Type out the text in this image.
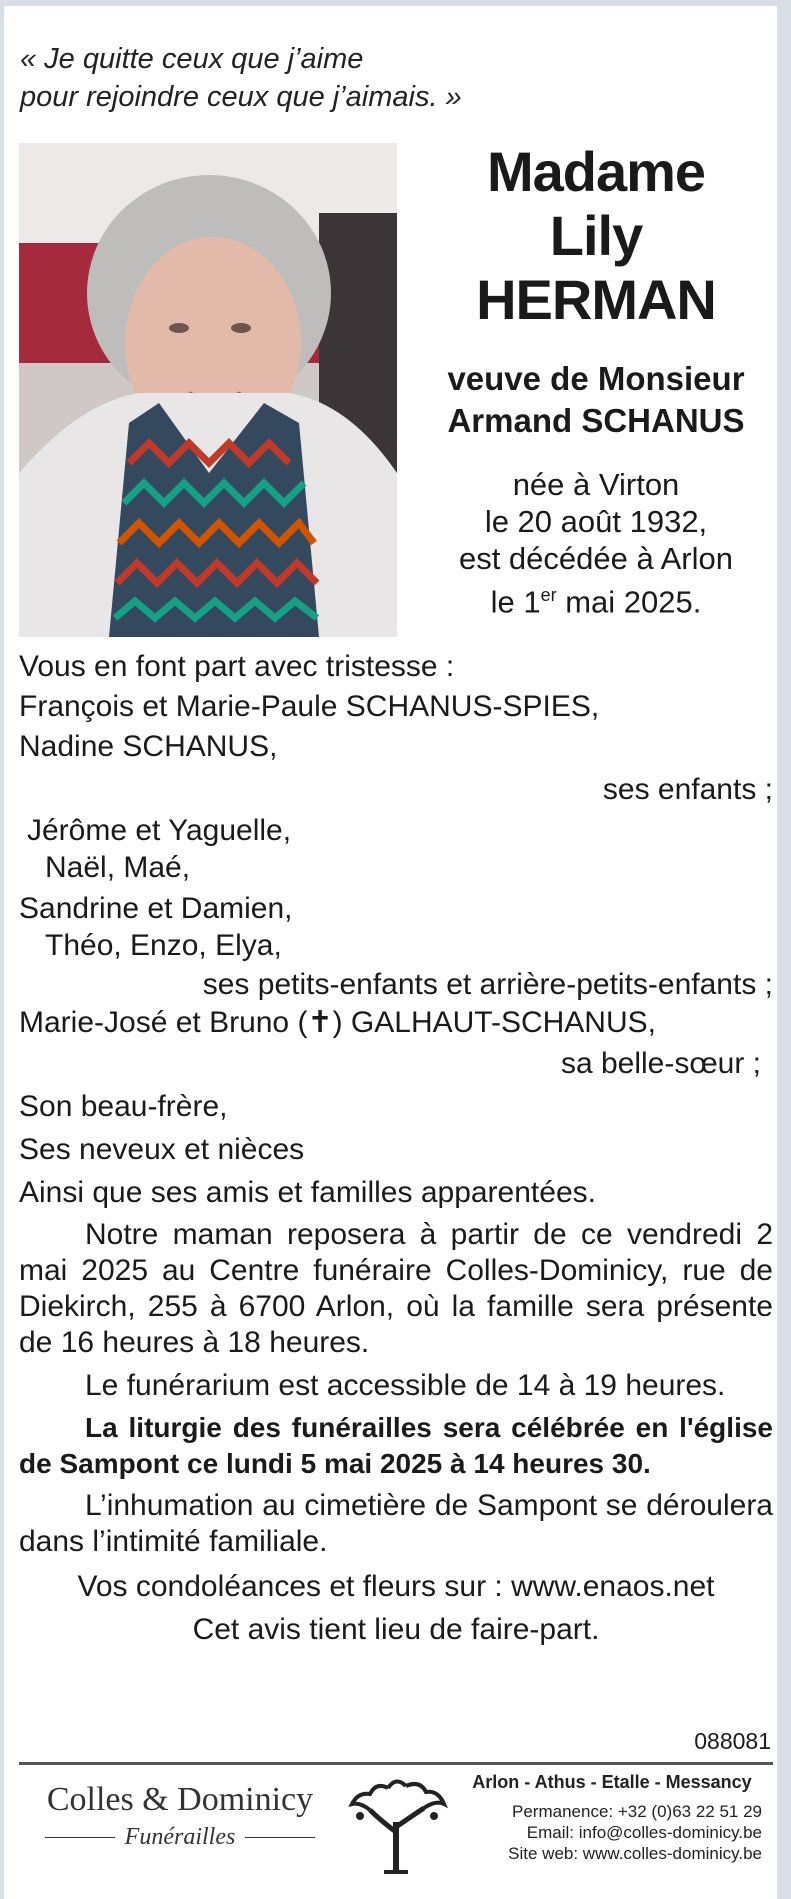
« Je quitte ceux que j’aime
pour rejoindre ceux que j’aimais. »
Madame
Lily
HERMAN
veuve de Monsieur
Armand SCHANUS
née à Virton
le 20 août 1932,
est décédée à Arlon
le 1er mai 2025.
Vous en font part avec tristesse :
François et Marie-Paule SCHANUS-SPIES,
Nadine SCHANUS,
ses enfants ;
Jérôme et Yaguelle,
Naël, Maé,
Sandrine et Damien,
Théo, Enzo, Elya,
ses petits-enfants et arrière-petits-enfants ;
Marie-José et Bruno (✝) GALHAUT-SCHANUS,
sa belle-sœur ;
Son beau-frère,
Ses neveux et nièces
Ainsi que ses amis et familles apparentées.
Notre maman reposera à partir de ce vendredi 2 mai 2025 au Centre funéraire Colles-Dominicy, rue de Diekirch, 255 à 6700 Arlon, où la famille sera présente de 16 heures à 18 heures.
Le funérarium est accessible de 14 à 19 heures.
La liturgie des funérailles sera célébrée en l'église de Sampont ce lundi 5 mai 2025 à 14 heures 30.
L’inhumation au cimetière de Sampont se déroulera dans l’intimité familiale.
Vos condoléances et fleurs sur : www.enaos.net
Cet avis tient lieu de faire-part.
088081
Colles & Dominicy
Funérailles
Arlon - Athus - Etalle - Messancy
Permanence: +32 (0)63 22 51 29
Email: info@colles-dominicy.be
Site web: www.colles-dominicy.be
